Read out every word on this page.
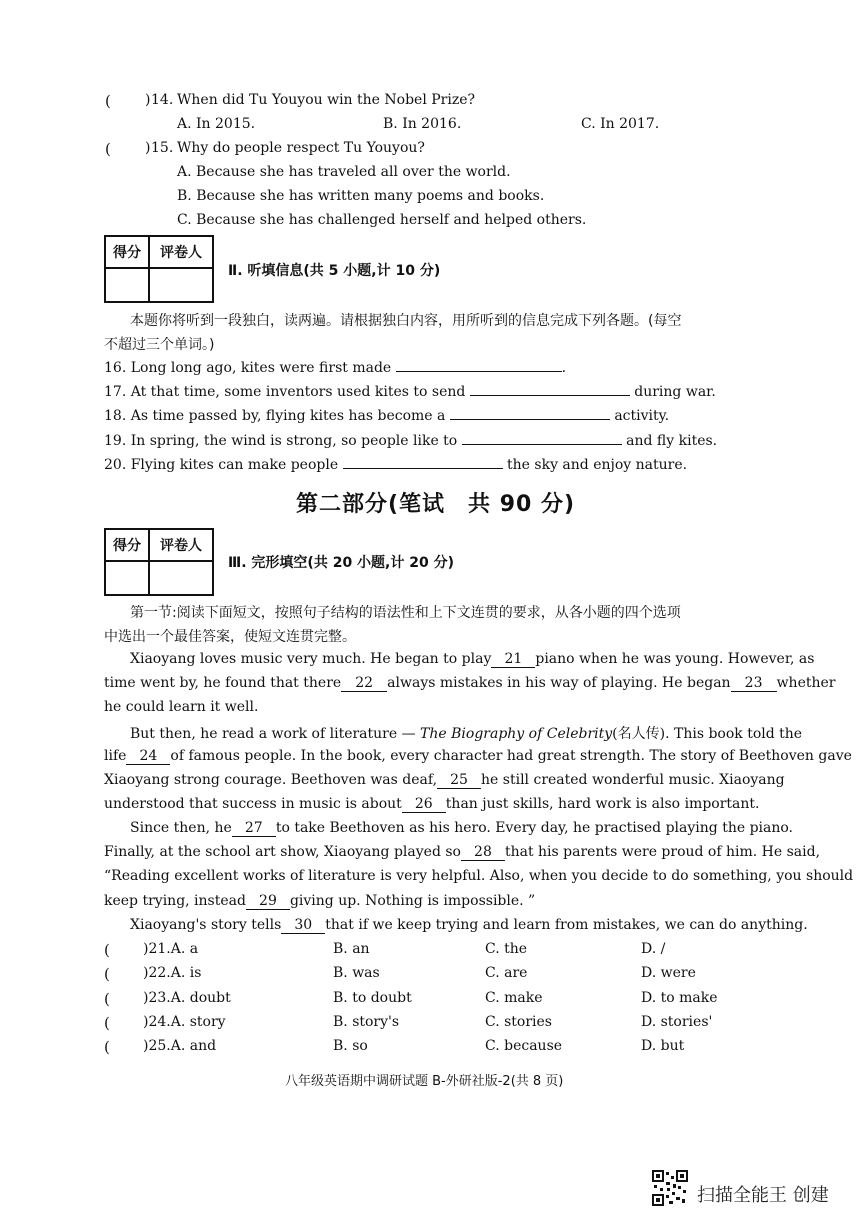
( ) 14. When did Tu Youyou win the Nobel Prize?
A. In 2015.	B. In 2016.	C. In 2017.
( ) 15. Why do people respect Tu Youyou?
A. Because she has traveled all over the world.
B. Because she has written many poems and books.
C. Because she has challenged herself and helped others.
得分	评卷人
Ⅱ. 听填信息(共 5 小题,计 10 分)
本题你将听到一段独白，读两遍。请根据独白内容，用所听到的信息完成下列各题。(每空
不超过三个单词。)
16. Long long ago, kites were first made	.
17. At that time, some inventors used kites to send	during war.
18. As time passed by, flying kites has become a	activity.
19. In spring, the wind is strong, so people like to	and fly kites.
20. Flying kites can make people	the sky and enjoy nature.
第二部分(笔试　共 90 分)
得分	评卷人
Ⅲ. 完形填空(共 20 小题,计 20 分)
第一节:阅读下面短文，按照句子结构的语法性和上下文连贯的要求，从各小题的四个选项
中选出一个最佳答案，使短文连贯完整。
Xiaoyang loves music very much. He began to play 21 piano when he was young. However, as
time went by, he found that there 22 always mistakes in his way of playing. He began 23 whether
he could learn it well.
But then, he read a work of literature — The Biography of Celebrity(名人传). This book told the
life 24 of famous people. In the book, every character had great strength. The story of Beethoven gave
Xiaoyang strong courage. Beethoven was deaf, 25 he still created wonderful music. Xiaoyang
understood that success in music is about 26 than just skills, hard work is also important.
Since then, he 27 to take Beethoven as his hero. Every day, he practised playing the piano.
Finally, at the school art show, Xiaoyang played so 28 that his parents were proud of him. He said,
“Reading excellent works of literature is very helpful. Also, when you decide to do something, you should
keep trying, instead 29 giving up. Nothing is impossible. ”
Xiaoyang's story tells 30 that if we keep trying and learn from mistakes, we can do anything.
( )21.A. a	B. an	C. the	D. /
( )22.A. is	B. was	C. are	D. were
( )23.A. doubt	B. to doubt	C. make	D. to make
( )24.A. story	B. story's	C. stories	D. stories'
( )25.A. and	B. so	C. because	D. but
八年级英语期中调研试题 B-外研社版-2(共 8 页)
扫描全能王 创建
